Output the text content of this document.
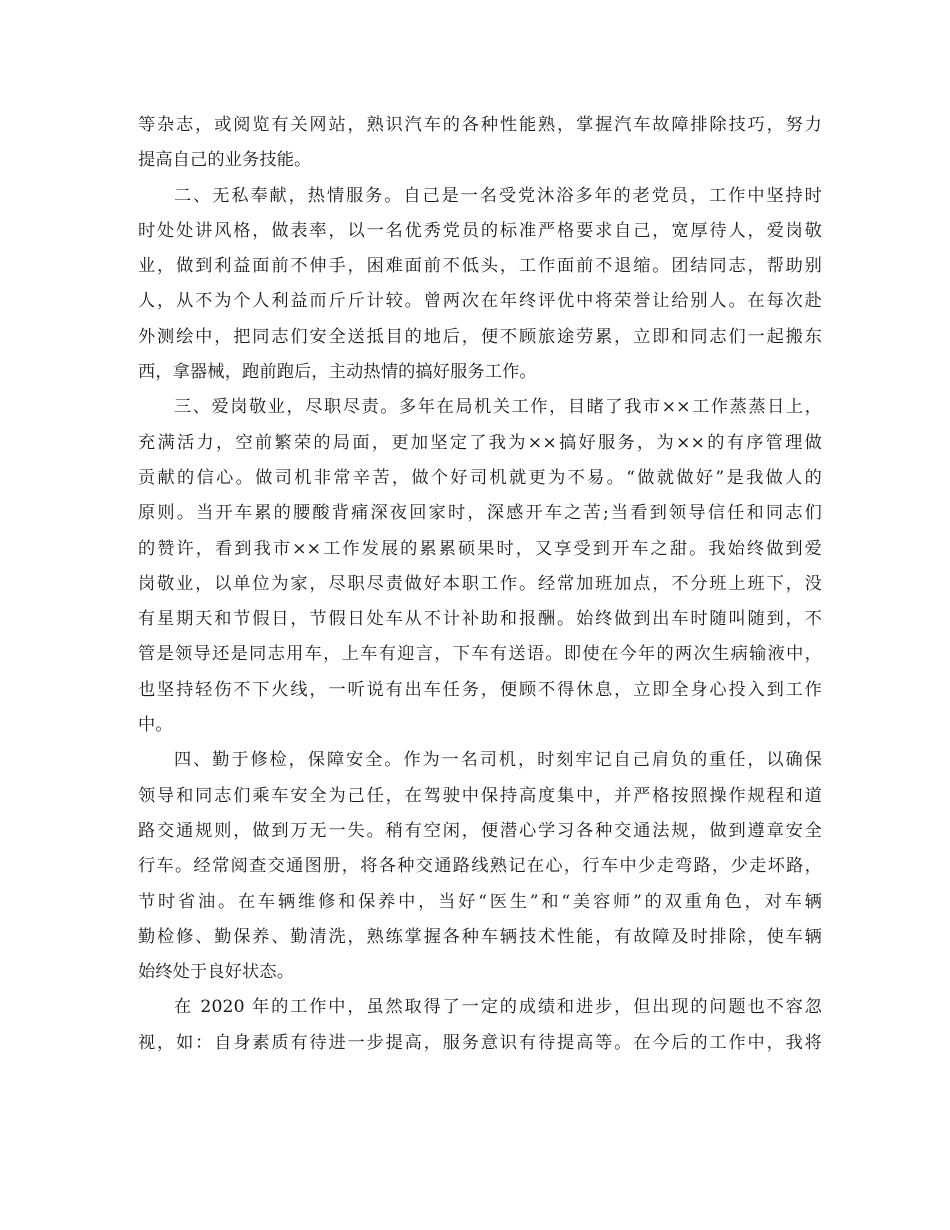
等杂志，或阅览有关网站，熟识汽车的各种性能熟，掌握汽车故障排除技巧，努力
提高自己的业务技能。
二、无私奉献，热情服务。自己是一名受党沐浴多年的老党员，工作中坚持时
时处处讲风格，做表率，以一名优秀党员的标准严格要求自己，宽厚待人，爱岗敬
业，做到利益面前不伸手，困难面前不低头，工作面前不退缩。团结同志，帮助别
人，从不为个人利益而斤斤计较。曾两次在年终评优中将荣誉让给别人。在每次赴
外测绘中，把同志们安全送抵目的地后，便不顾旅途劳累，立即和同志们一起搬东
西，拿器械，跑前跑后，主动热情的搞好服务工作。
三、爱岗敬业，尽职尽责。多年在局机关工作，目睹了我市××工作蒸蒸日上，
充满活力，空前繁荣的局面，更加坚定了我为××搞好服务，为××的有序管理做
贡献的信心。做司机非常辛苦，做个好司机就更为不易。“做就做好”是我做人的
原则。当开车累的腰酸背痛深夜回家时，深感开车之苦;当看到领导信任和同志们
的赞许，看到我市××工作发展的累累硕果时，又享受到开车之甜。我始终做到爱
岗敬业，以单位为家，尽职尽责做好本职工作。经常加班加点，不分班上班下，没
有星期天和节假日，节假日处车从不计补助和报酬。始终做到出车时随叫随到，不
管是领导还是同志用车，上车有迎言，下车有送语。即使在今年的两次生病输液中，
也坚持轻伤不下火线，一听说有出车任务，便顾不得休息，立即全身心投入到工作
中。
四、勤于修检，保障安全。作为一名司机，时刻牢记自己肩负的重任，以确保
领导和同志们乘车安全为己任，在驾驶中保持高度集中，并严格按照操作规程和道
路交通规则，做到万无一失。稍有空闲，便潜心学习各种交通法规，做到遵章安全
行车。经常阅查交通图册，将各种交通路线熟记在心，行车中少走弯路，少走坏路，
节时省油。在车辆维修和保养中，当好“医生”和“美容师”的双重角色，对车辆
勤检修、勤保养、勤清洗，熟练掌握各种车辆技术性能，有故障及时排除，使车辆
始终处于良好状态。
在 2020 年的工作中，虽然取得了一定的成绩和进步，但出现的问题也不容忽
视，如：自身素质有待进一步提高，服务意识有待提高等。在今后的工作中，我将
